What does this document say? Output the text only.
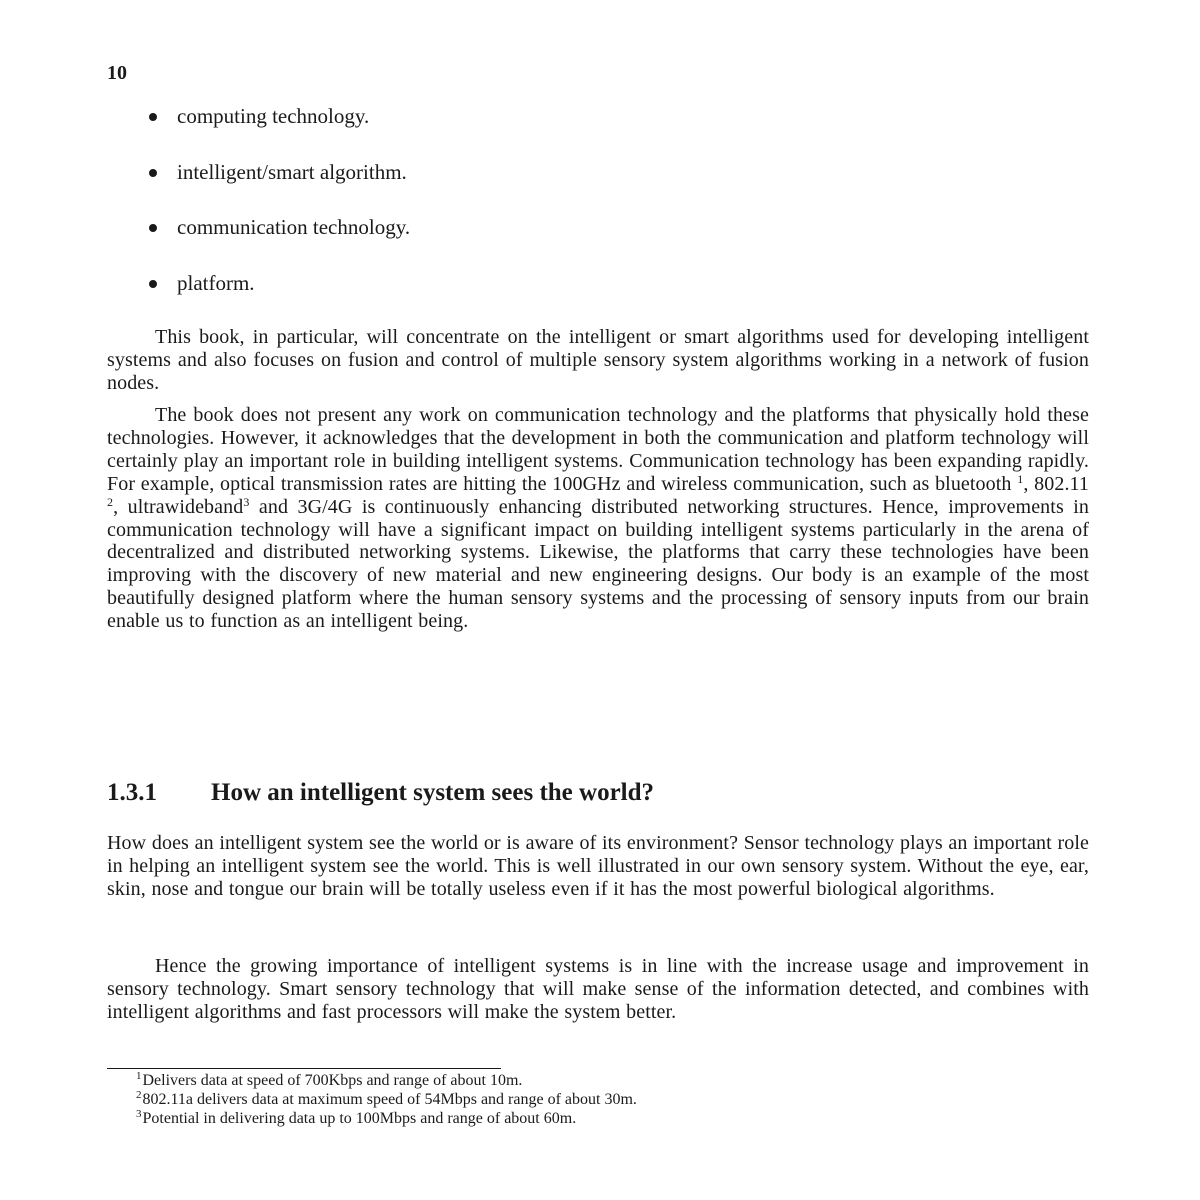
10
computing technology.
intelligent/smart algorithm.
communication technology.
platform.

This book, in particular, will concentrate on the intelligent or smart algorithms used for developing intelligent systems and also focuses on fusion and control of multiple sensory system algorithms working in a network of fusion nodes.

The book does not present any work on communication technology and the platforms that physically hold these technologies. However, it acknowledges that the development in both the communication and platform technology will certainly play an important role in building intelligent systems. Communication technology has been expanding rapidly. For example, optical transmission rates are hitting the 100GHz and wireless communication, such as bluetooth $^1$, 802.11 $^2$, ultrawideband$^3$ and 3G/4G is continuously enhancing distributed networking structures. Hence, improvements in communication technology will have a significant impact on building intelligent systems particularly in the arena of decentralized and distributed networking systems. Likewise, the platforms that carry these technologies have been improving with the discovery of new material and new engineering designs. Our body is an example of the most beautifully designed platform where the human sensory systems and the processing of sensory inputs from our brain enable us to function as an intelligent being.

1.3.1 How an intelligent system sees the world?

How does an intelligent system see the world or is aware of its environment? Sensor technology plays an important role in helping an intelligent system see the world. This is well illustrated in our own sensory system. Without the eye, ear, skin, nose and tongue our brain will be totally useless even if it has the most powerful biological algorithms.

Hence the growing importance of intelligent systems is in line with the increase usage and improvement in sensory technology. Smart sensory technology that will make sense of the information detected, and combines with intelligent algorithms and fast processors will make the system better.

$^1$Delivers data at speed of 700Kbps and range of about 10m.
$^2$802.11a delivers data at maximum speed of 54Mbps and range of about 30m.
$^3$Potential in delivering data up to 100Mbps and range of about 60m.
